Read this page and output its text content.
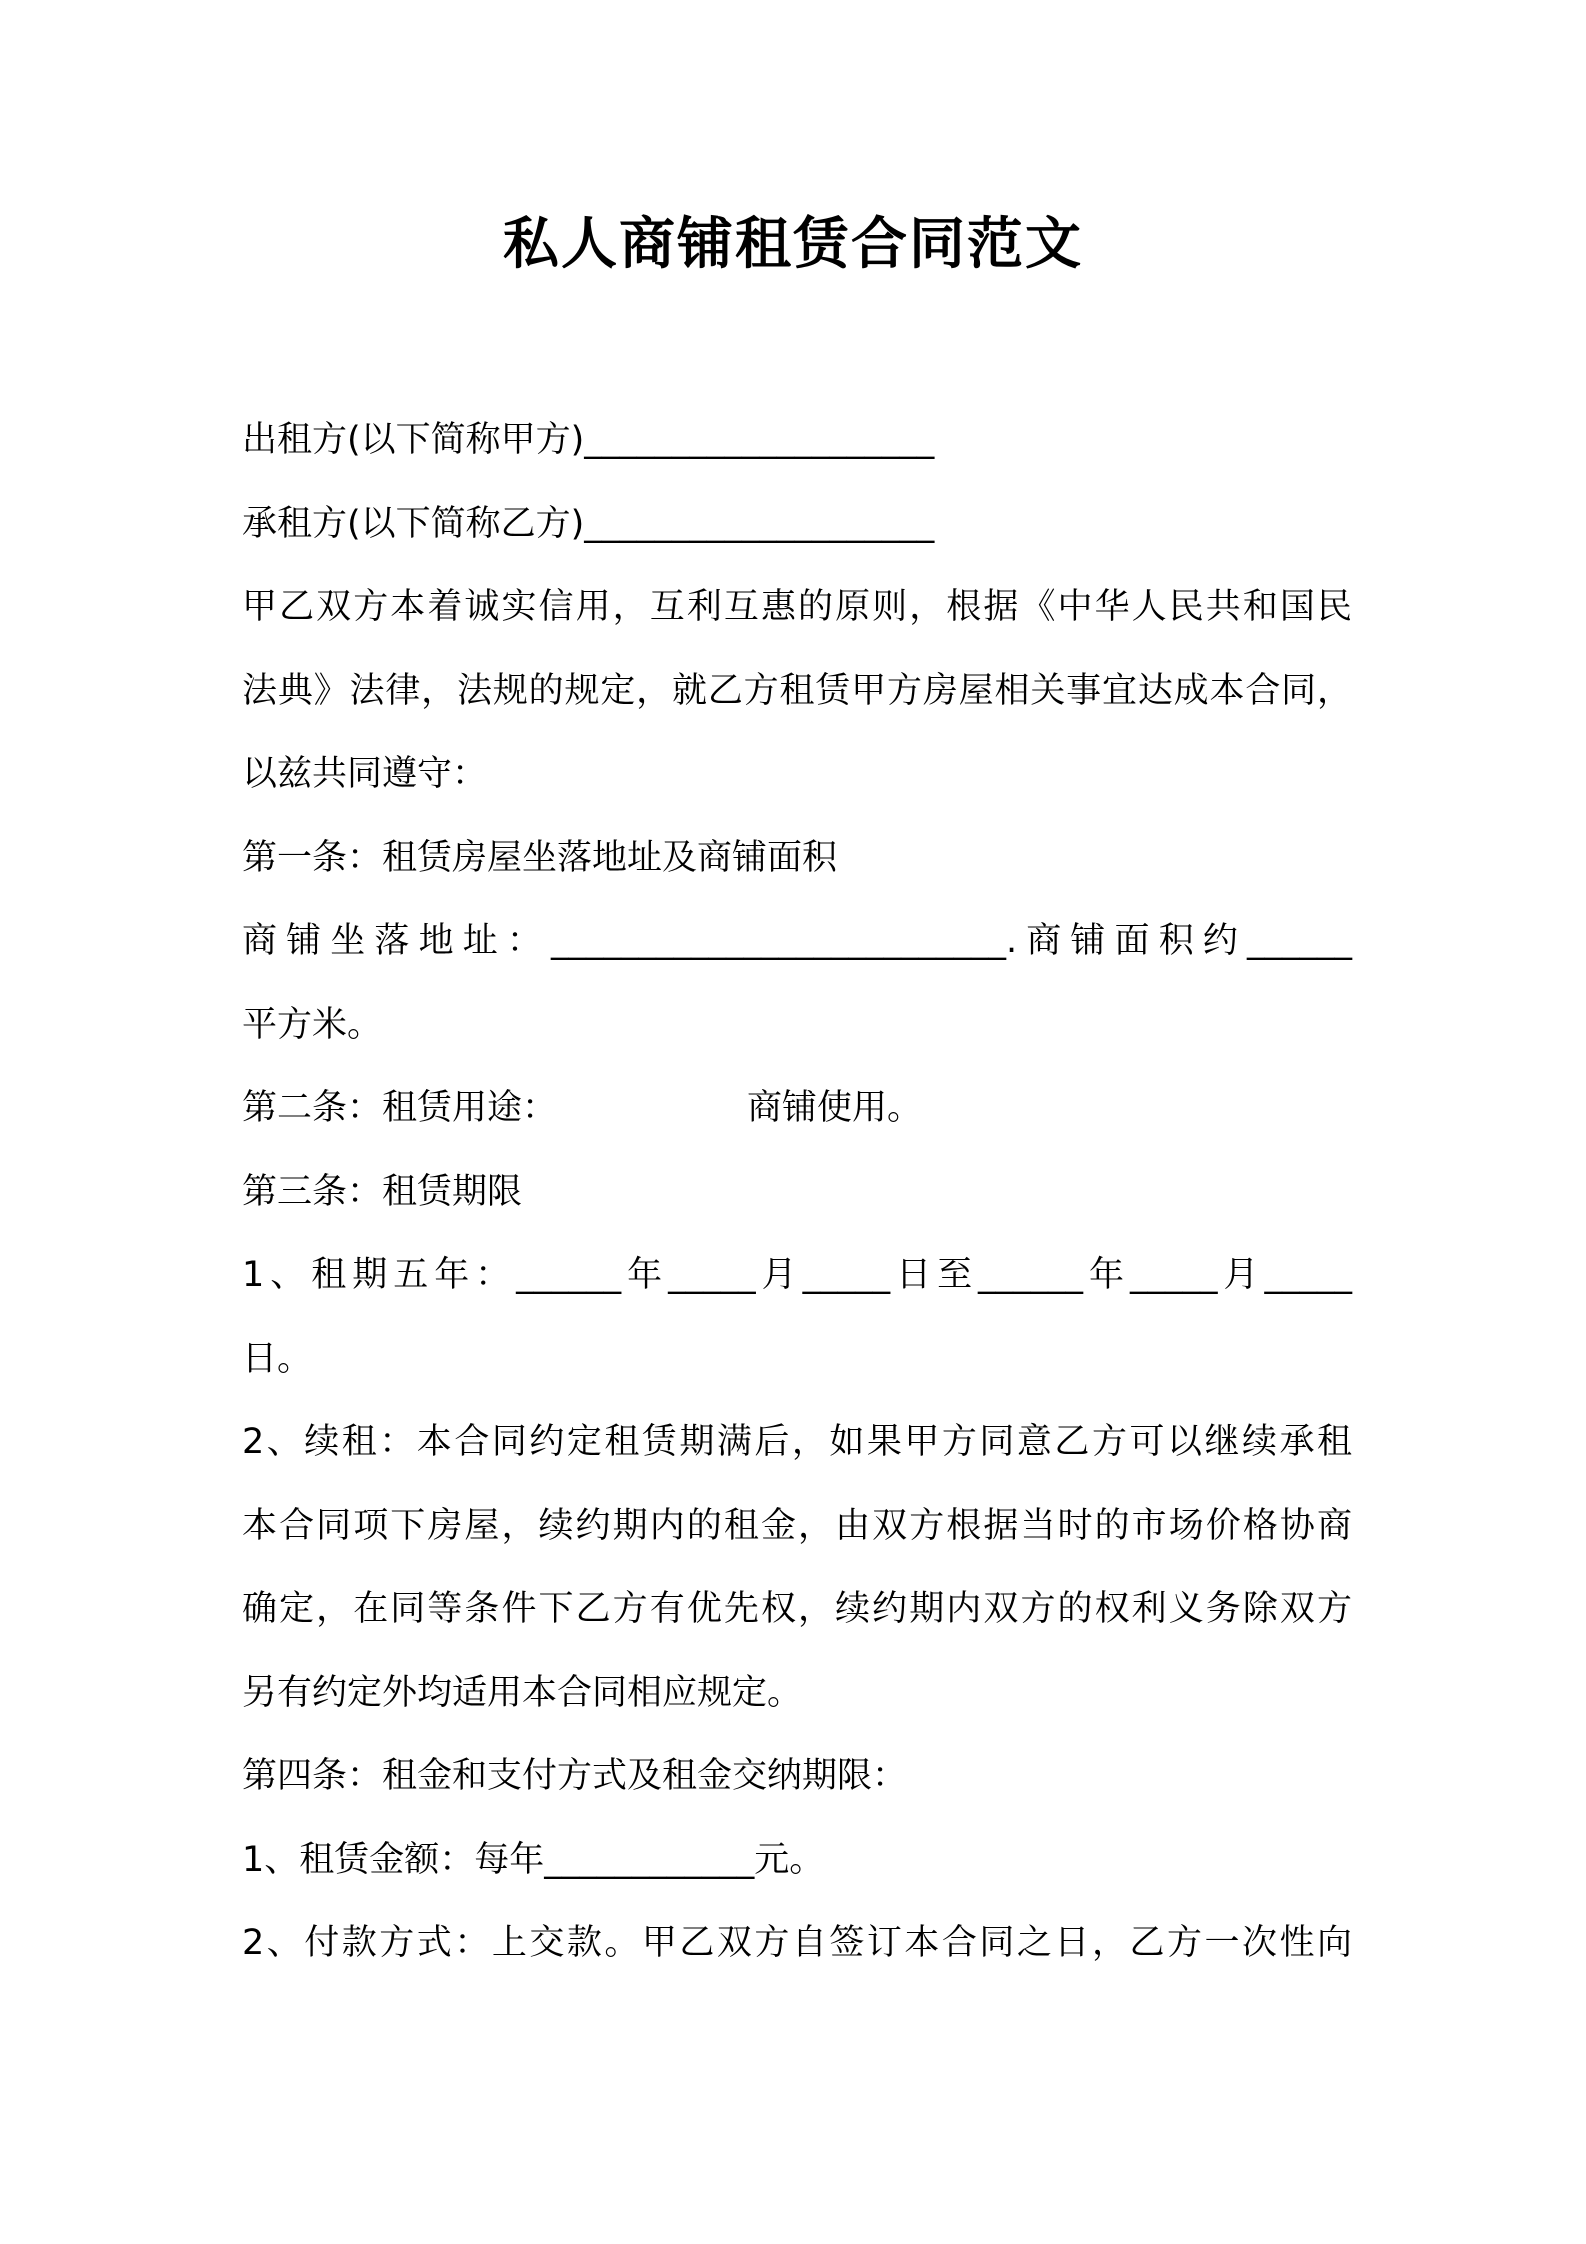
私人商铺租赁合同范文
出租方(以下简称甲方)____________________
承租方(以下简称乙方)____________________
甲乙双方本着诚实信用，互利互惠的原则，根据《中华人民共和国民
法典》法律，法规的规定，就乙方租赁甲方房屋相关事宜达成本合同，
以兹共同遵守：
第一条：租赁房屋坐落地址及商铺面积
商铺坐落地址：__________________________.商铺面积约______
平方米。
第二条：租赁用途：	商铺使用。
第三条：租赁期限
1、租期五年：______年_____月_____日至______年_____月_____
日。
2、续租：本合同约定租赁期满后，如果甲方同意乙方可以继续承租
本合同项下房屋，续约期内的租金，由双方根据当时的市场价格协商
确定，在同等条件下乙方有优先权，续约期内双方的权利义务除双方
另有约定外均适用本合同相应规定。
第四条：租金和支付方式及租金交纳期限：
1、租赁金额：每年____________元。
2、付款方式：上交款。甲乙双方自签订本合同之日，乙方一次性向
